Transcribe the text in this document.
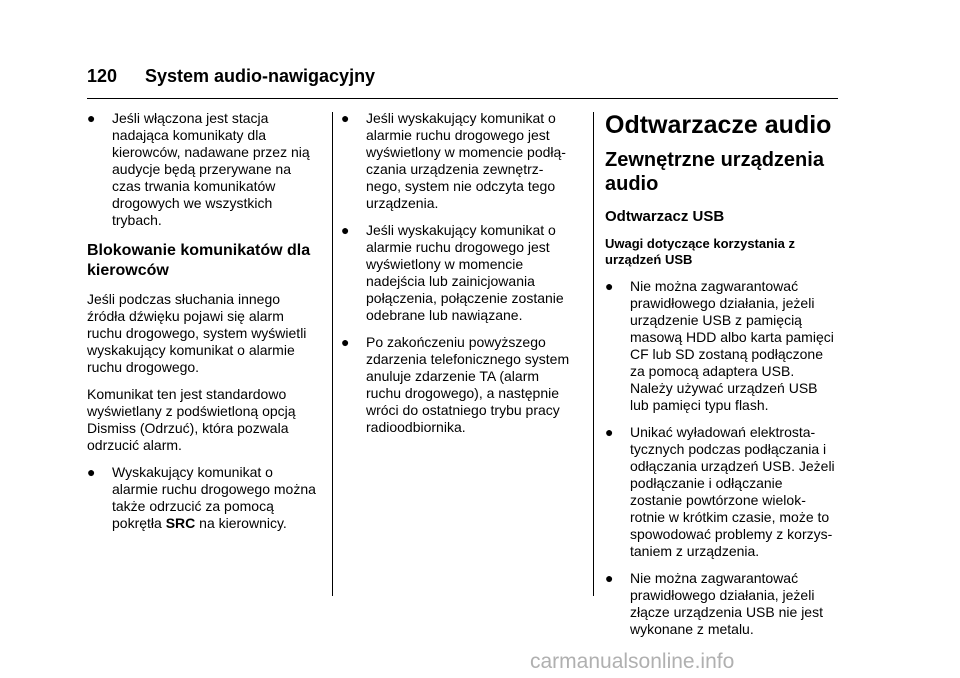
120 System audio-nawigacyjny
● Jeśli włączona jest stacja
nadająca komunikaty dla
kierowców, nadawane przez nią
audycje będą przerywane na
czas trwania komunikatów
drogowych we wszystkich
trybach.
Blokowanie komunikatów dla
kierowców

Jeśli podczas słuchania innego
źródła dźwięku pojawi się alarm
ruchu drogowego, system wyświetli
wyskakujący komunikat o alarmie
ruchu drogowego.

Komunikat ten jest standardowo
wyświetlany z podświetloną opcją
Dismiss (Odrzuć), która pozwala
odrzucić alarm.

● Wyskakujący komunikat o
alarmie ruchu drogowego można
także odrzucić za pomocą
pokrętła SRC na kierownicy.
● Jeśli wyskakujący komunikat o
alarmie ruchu drogowego jest
wyświetlony w momencie podłą-
czania urządzenia zewnętrz-
nego, system nie odczyta tego
urządzenia.
● Jeśli wyskakujący komunikat o
alarmie ruchu drogowego jest
wyświetlony w momencie
nadejścia lub zainicjowania
połączenia, połączenie zostanie
odebrane lub nawiązane.
● Po zakończeniu powyższego
zdarzenia telefonicznego system
anuluje zdarzenie TA (alarm
ruchu drogowego), a następnie
wróci do ostatniego trybu pracy
radioodbiornika.
Odtwarzacze audio
Zewnętrzne urządzenia
audio
Odtwarzacz USB
Uwagi dotyczące korzystania z
urządzeń USB
● Nie można zagwarantować
prawidłowego działania, jeżeli
urządzenie USB z pamięcią
masową HDD albo karta pamięci
CF lub SD zostaną podłączone
za pomocą adaptera USB.
Należy używać urządzeń USB
lub pamięci typu flash.
● Unikać wyładowań elektrosta-
tycznych podczas podłączania i
odłączania urządzeń USB. Jeżeli
podłączanie i odłączanie
zostanie powtórzone wielok-
rotnie w krótkim czasie, może to
spowodować problemy z korzys-
taniem z urządzenia.
● Nie można zagwarantować
prawidłowego działania, jeżeli
złącze urządzenia USB nie jest
wykonane z metalu.
carmanualsonline.info
